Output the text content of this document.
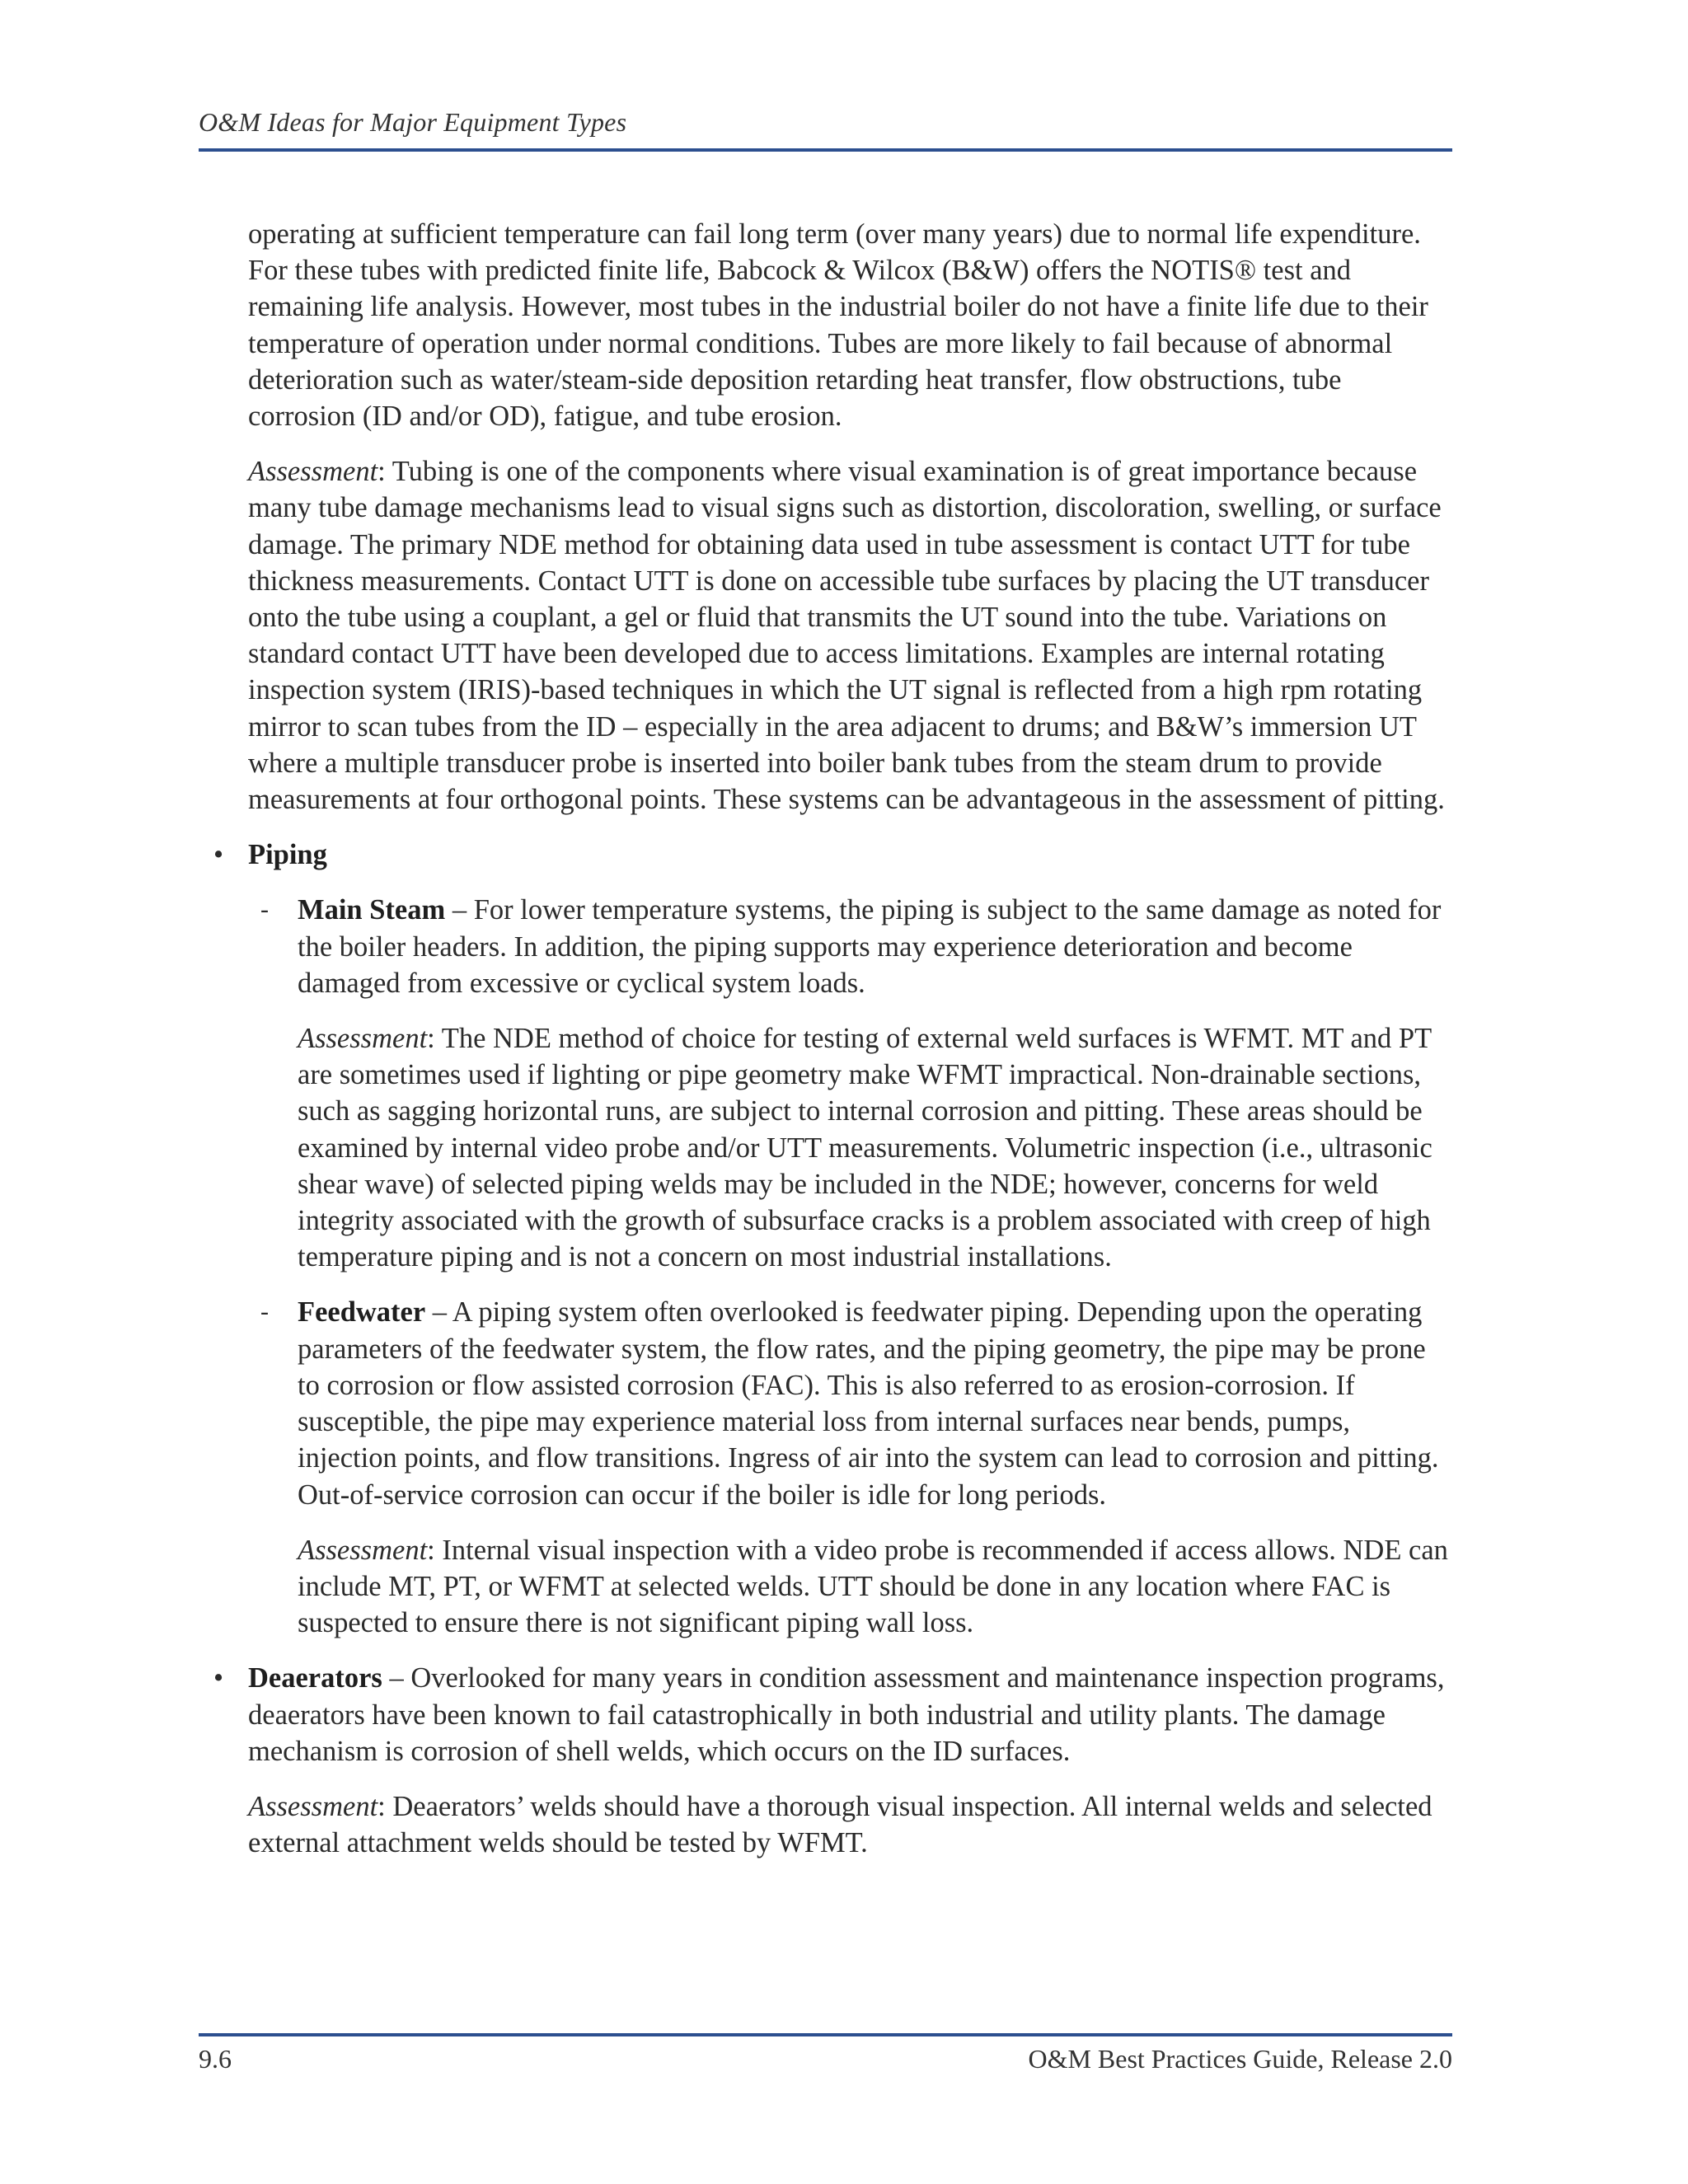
O&M Ideas for Major Equipment Types

operating at sufficient temperature can fail long term (over many years) due to normal life expenditure. For these tubes with predicted finite life, Babcock & Wilcox (B&W) offers the NOTIS® test and remaining life analysis. However, most tubes in the industrial boiler do not have a finite life due to their temperature of operation under normal conditions. Tubes are more likely to fail because of abnormal deterioration such as water/steam-side deposition retarding heat transfer, flow obstructions, tube corrosion (ID and/or OD), fatigue, and tube erosion.

Assessment: Tubing is one of the components where visual examination is of great importance because many tube damage mechanisms lead to visual signs such as distortion, discoloration, swelling, or surface damage. The primary NDE method for obtaining data used in tube assessment is contact UTT for tube thickness measurements. Contact UTT is done on accessible tube surfaces by placing the UT transducer onto the tube using a couplant, a gel or fluid that transmits the UT sound into the tube. Variations on standard contact UTT have been developed due to access limitations. Examples are internal rotating inspection system (IRIS)-based techniques in which the UT signal is reflected from a high rpm rotating mirror to scan tubes from the ID – especially in the area adjacent to drums; and B&W’s immersion UT where a multiple transducer probe is inserted into boiler bank tubes from the steam drum to provide measurements at four orthogonal points. These systems can be advantageous in the assessment of pitting.

• Piping
- Main Steam – For lower temperature systems, the piping is subject to the same damage as noted for the boiler headers. In addition, the piping supports may experience deterioration and become damaged from excessive or cyclical system loads.

Assessment: The NDE method of choice for testing of external weld surfaces is WFMT. MT and PT are sometimes used if lighting or pipe geometry make WFMT impractical. Non-drainable sections, such as sagging horizontal runs, are subject to internal corrosion and pitting. These areas should be examined by internal video probe and/or UTT measurements. Volumetric inspection (i.e., ultrasonic shear wave) of selected piping welds may be included in the NDE; however, concerns for weld integrity associated with the growth of subsurface cracks is a problem associated with creep of high temperature piping and is not a concern on most industrial installations.

- Feedwater – A piping system often overlooked is feedwater piping. Depending upon the operating parameters of the feedwater system, the flow rates, and the piping geometry, the pipe may be prone to corrosion or flow assisted corrosion (FAC). This is also referred to as erosion-corrosion. If susceptible, the pipe may experience material loss from internal surfaces near bends, pumps, injection points, and flow transitions. Ingress of air into the system can lead to corrosion and pitting. Out-of-service corrosion can occur if the boiler is idle for long periods.

Assessment: Internal visual inspection with a video probe is recommended if access allows. NDE can include MT, PT, or WFMT at selected welds. UTT should be done in any location where FAC is suspected to ensure there is not significant piping wall loss.

• Deaerators – Overlooked for many years in condition assessment and maintenance inspection programs, deaerators have been known to fail catastrophically in both industrial and utility plants. The damage mechanism is corrosion of shell welds, which occurs on the ID surfaces.

Assessment: Deaerators’ welds should have a thorough visual inspection. All internal welds and selected external attachment welds should be tested by WFMT.

9.6	O&M Best Practices Guide, Release 2.0
